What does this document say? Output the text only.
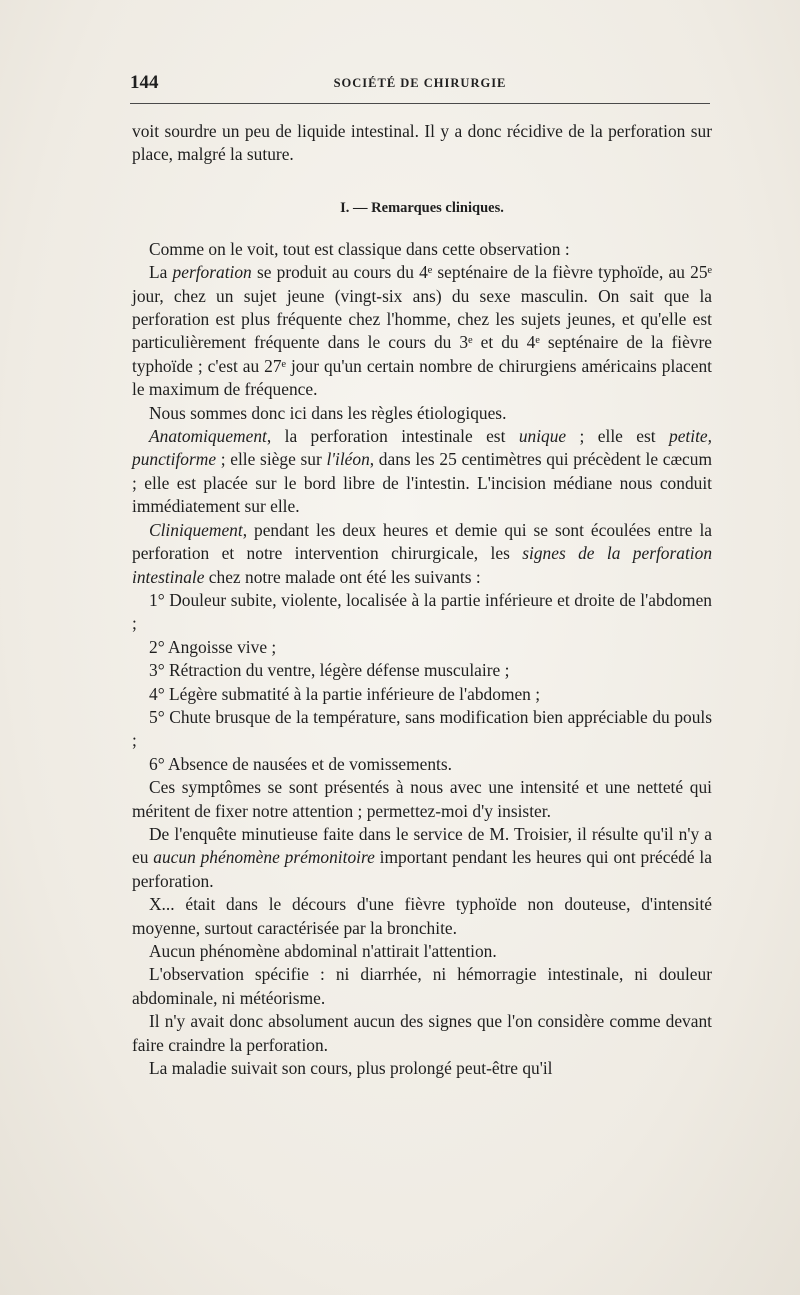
144	SOCIÉTÉ DE CHIRURGIE

voit sourdre un peu de liquide intestinal. Il y a donc récidive de la perforation sur place, malgré la suture.

I. — Remarques cliniques.

Comme on le voit, tout est classique dans cette observation :

La perforation se produit au cours du 4ᵉ septénaire de la fièvre typhoïde, au 25ᵉ jour, chez un sujet jeune (vingt-six ans) du sexe masculin. On sait que la perforation est plus fréquente chez l'homme, chez les sujets jeunes, et qu'elle est particulièrement fréquente dans le cours du 3ᵉ et du 4ᵉ septénaire de la fièvre typhoïde ; c'est au 27ᵉ jour qu'un certain nombre de chirurgiens américains placent le maximum de fréquence.

Nous sommes donc ici dans les règles étiologiques.

Anatomiquement, la perforation intestinale est unique ; elle est petite, punctiforme ; elle siège sur l'iléon, dans les 25 centimètres qui précèdent le cæcum ; elle est placée sur le bord libre de l'intestin. L'incision médiane nous conduit immédiatement sur elle.

Cliniquement, pendant les deux heures et demie qui se sont écoulées entre la perforation et notre intervention chirurgicale, les signes de la perforation intestinale chez notre malade ont été les suivants :

1° Douleur subite, violente, localisée à la partie inférieure et droite de l'abdomen ;

2° Angoisse vive ;

3° Rétraction du ventre, légère défense musculaire ;

4° Légère submatité à la partie inférieure de l'abdomen ;

5° Chute brusque de la température, sans modification bien appréciable du pouls ;

6° Absence de nausées et de vomissements.

Ces symptômes se sont présentés à nous avec une intensité et une netteté qui méritent de fixer notre attention ; permettez-moi d'y insister.

De l'enquête minutieuse faite dans le service de M. Troisier, il résulte qu'il n'y a eu aucun phénomène prémonitoire important pendant les heures qui ont précédé la perforation.

X... était dans le décours d'une fièvre typhoïde non douteuse, d'intensité moyenne, surtout caractérisée par la bronchite.

Aucun phénomène abdominal n'attirait l'attention.

L'observation spécifie : ni diarrhée, ni hémorragie intestinale, ni douleur abdominale, ni météorisme.

Il n'y avait donc absolument aucun des signes que l'on considère comme devant faire craindre la perforation.

La maladie suivait son cours, plus prolongé peut-être qu'il
